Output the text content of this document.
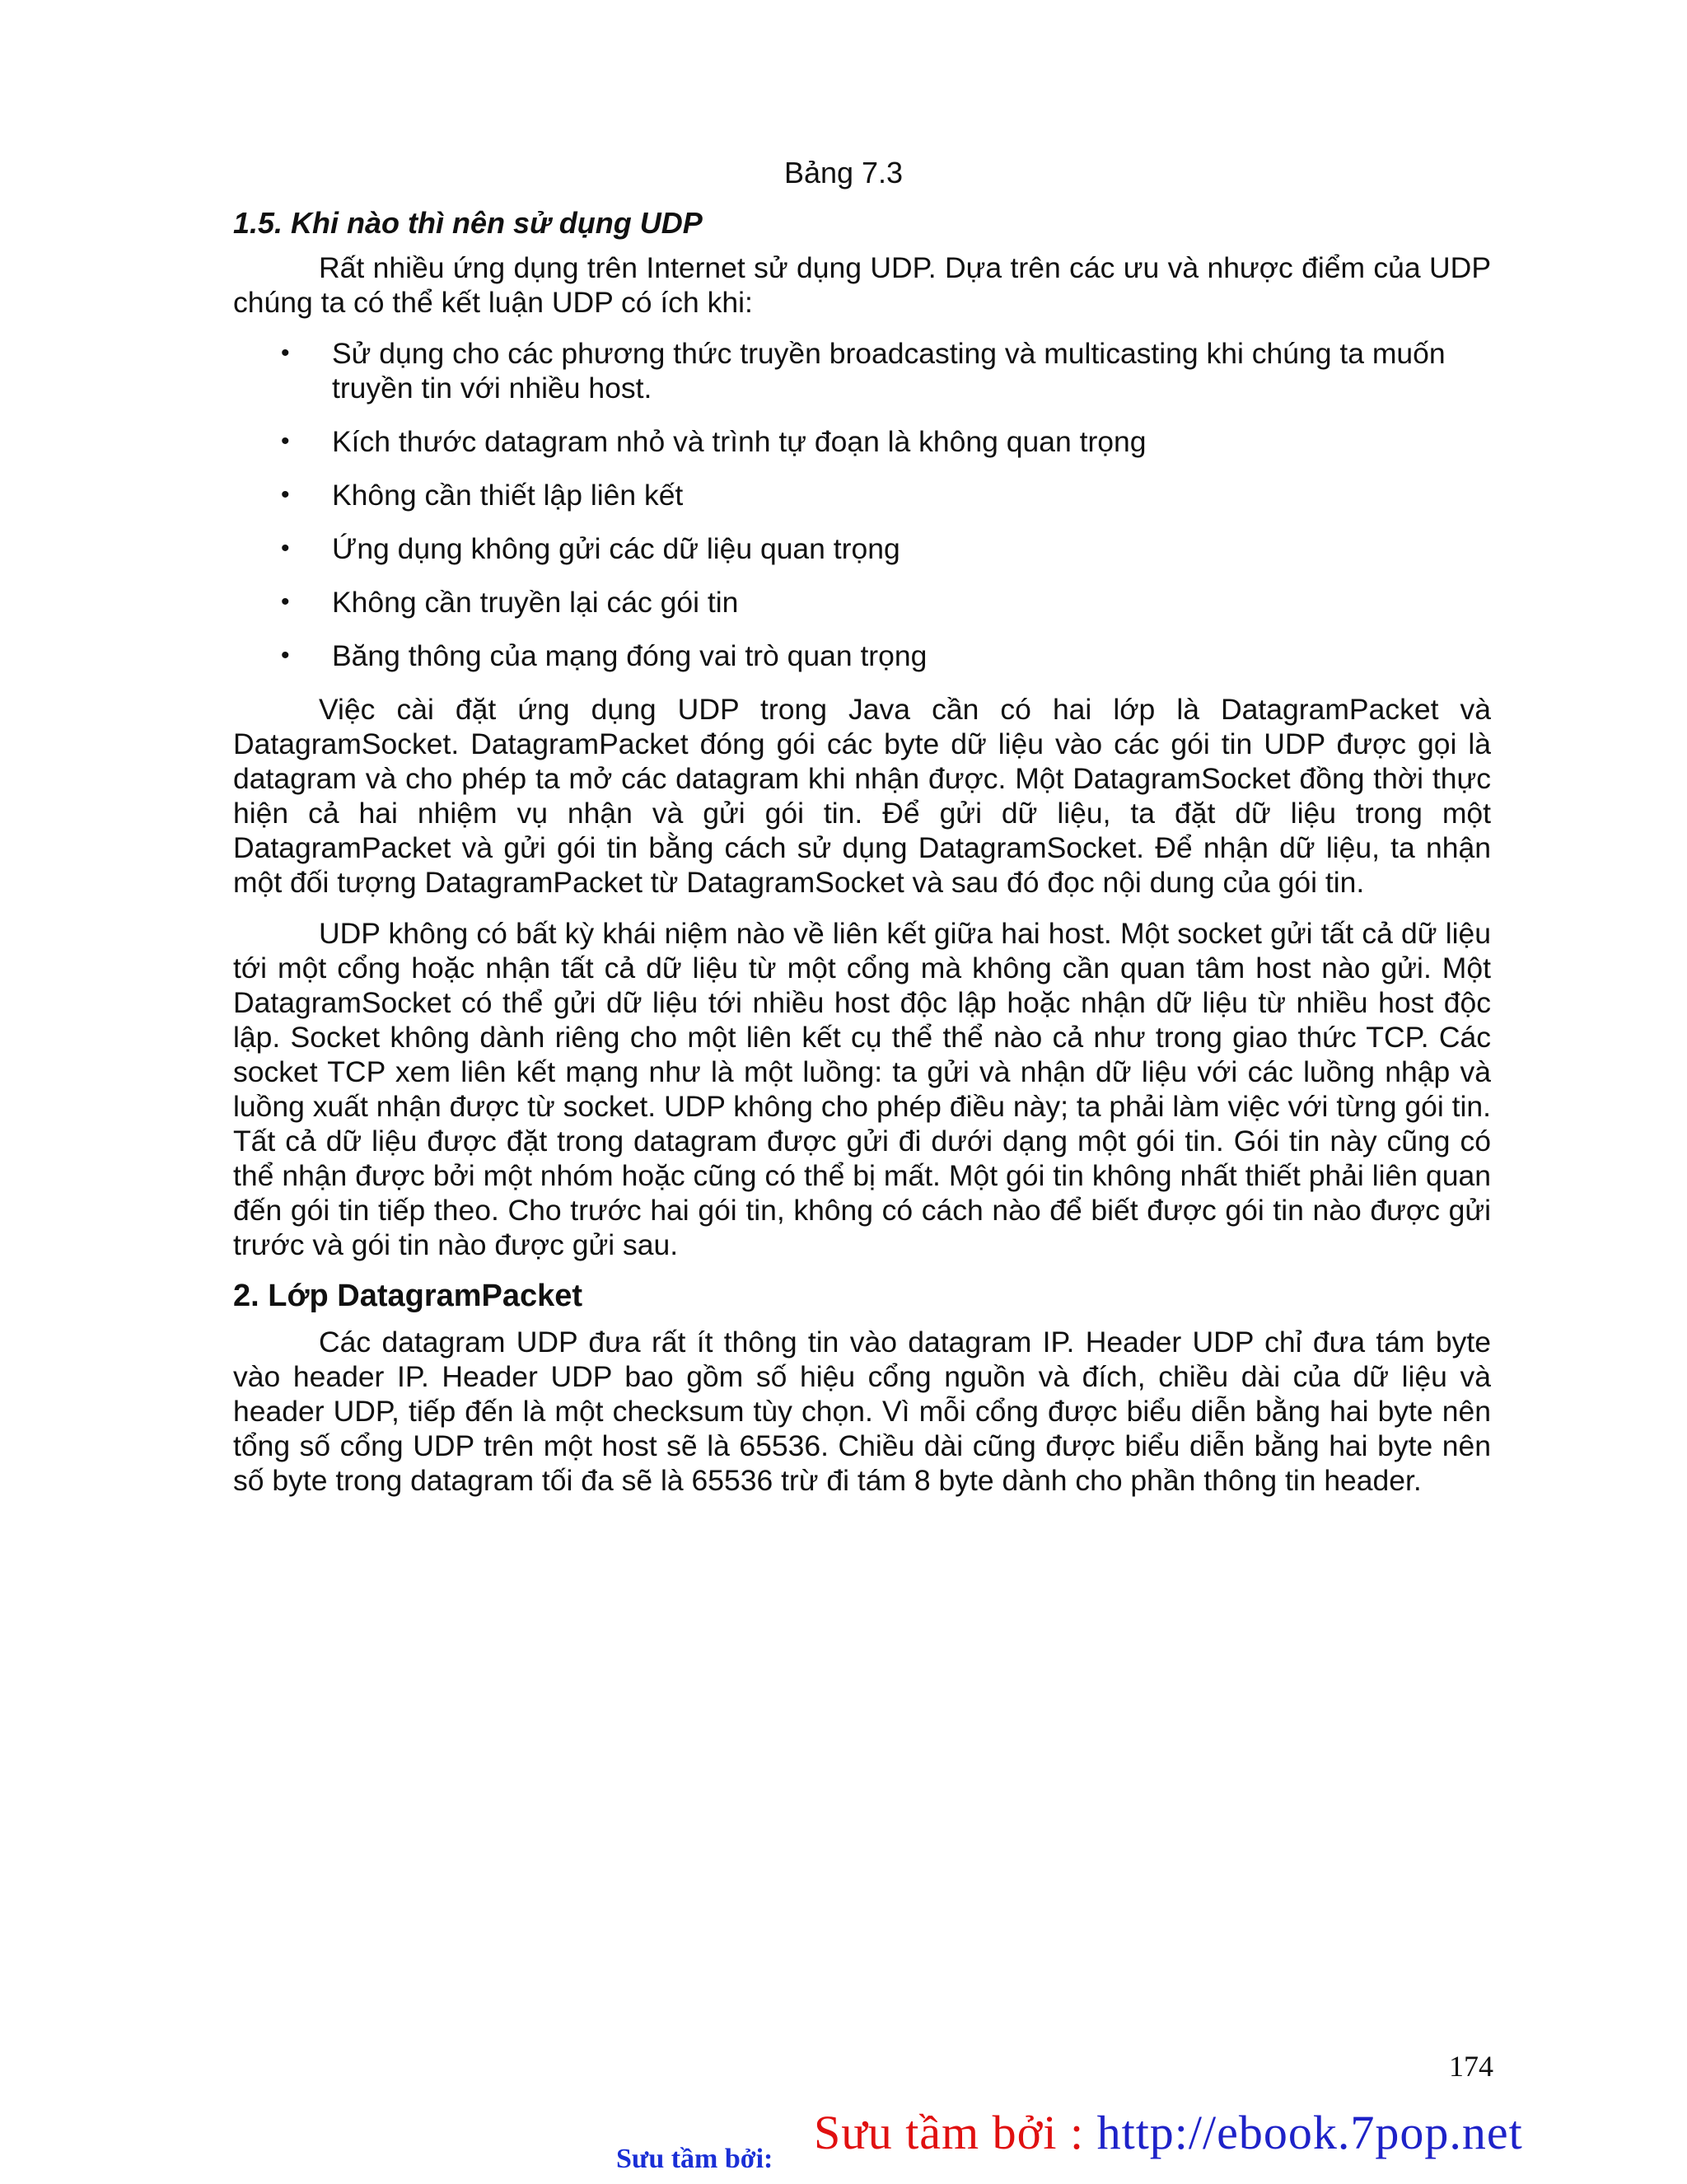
Bảng 7.3
1.5. Khi nào thì nên sử dụng UDP

Rất nhiều ứng dụng trên Internet sử dụng UDP. Dựa trên các ưu và nhược điểm của UDP chúng ta có thể kết luận UDP có ích khi:

• Sử dụng cho các phương thức truyền broadcasting và multicasting khi chúng ta muốn truyền tin với nhiều host.
• Kích thước datagram nhỏ và trình tự đoạn là không quan trọng
• Không cần thiết lập liên kết
• Ứng dụng không gửi các dữ liệu quan trọng
• Không cần truyền lại các gói tin
• Băng thông của mạng đóng vai trò quan trọng

Việc cài đặt ứng dụng UDP trong Java cần có hai lớp là DatagramPacket và DatagramSocket. DatagramPacket đóng gói các byte dữ liệu vào các gói tin UDP được gọi là datagram và cho phép ta mở các datagram khi nhận được. Một DatagramSocket đồng thời thực hiện cả hai nhiệm vụ nhận và gửi gói tin. Để gửi dữ liệu, ta đặt dữ liệu trong một DatagramPacket và gửi gói tin bằng cách sử dụng DatagramSocket. Để nhận dữ liệu, ta nhận một đối tượng DatagramPacket từ DatagramSocket và sau đó đọc nội dung của gói tin.

UDP không có bất kỳ khái niệm nào về liên kết giữa hai host. Một socket gửi tất cả dữ liệu tới một cổng hoặc nhận tất cả dữ liệu từ một cổng mà không cần quan tâm host nào gửi. Một DatagramSocket có thể gửi dữ liệu tới nhiều host độc lập hoặc nhận dữ liệu từ nhiều host độc lập. Socket không dành riêng cho một liên kết cụ thể thể nào cả như trong giao thức TCP. Các socket TCP xem liên kết mạng như là một luồng: ta gửi và nhận dữ liệu với các luồng nhập và luồng xuất nhận được từ socket. UDP không cho phép điều này; ta phải làm việc với từng gói tin. Tất cả dữ liệu được đặt trong datagram được gửi đi dưới dạng một gói tin. Gói tin này cũng có thể nhận được bởi một nhóm hoặc cũng có thể bị mất. Một gói tin không nhất thiết phải liên quan đến gói tin tiếp theo. Cho trước hai gói tin, không có cách nào để biết được gói tin nào được gửi trước và gói tin nào được gửi sau.

2. Lớp DatagramPacket

Các datagram UDP đưa rất ít thông tin vào datagram IP. Header UDP chỉ đưa tám byte vào header IP. Header UDP bao gồm số hiệu cổng nguồn và đích, chiều dài của dữ liệu và header UDP, tiếp đến là một checksum tùy chọn. Vì mỗi cổng được biểu diễn bằng hai byte nên tổng số cổng UDP trên một host sẽ là 65536. Chiều dài cũng được biểu diễn bằng hai byte nên số byte trong datagram tối đa sẽ là 65536 trừ đi tám 8 byte dành cho phần thông tin header.

174
Sưu tầm bởi: Sưu tầm bởi : http://ebook.7pop.net
